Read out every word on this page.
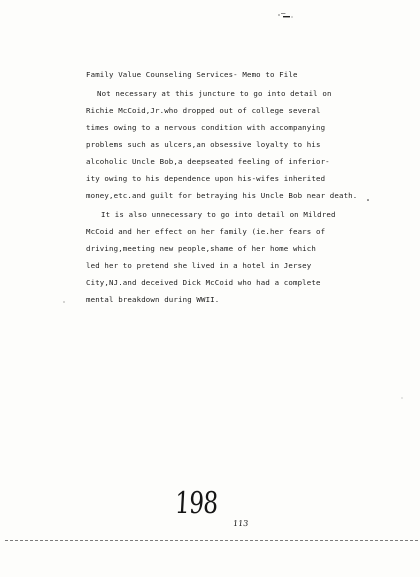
Family Value Counseling Services- Memo to File
Not necessary at this juncture to go into detail on
Richie McCoid,Jr.who dropped out of college several
times owing to a nervous condition with accompanying
problems such as ulcers,an obsessive loyalty to his
alcoholic Uncle Bob,a deepseated feeling of inferior-
ity owing to his dependence upon his-wifes inherited
money,etc.and guilt for betraying his Uncle Bob near death.
It is also unnecessary to go into detail on Mildred
McCoid and her effect on her family (ie.her fears of
driving,meeting new people,shame of her home which
led her to pretend she lived in a hotel in Jersey
City,NJ.and deceived Dick McCoid who had a complete
mental breakdown during WWII.
—
198
113
